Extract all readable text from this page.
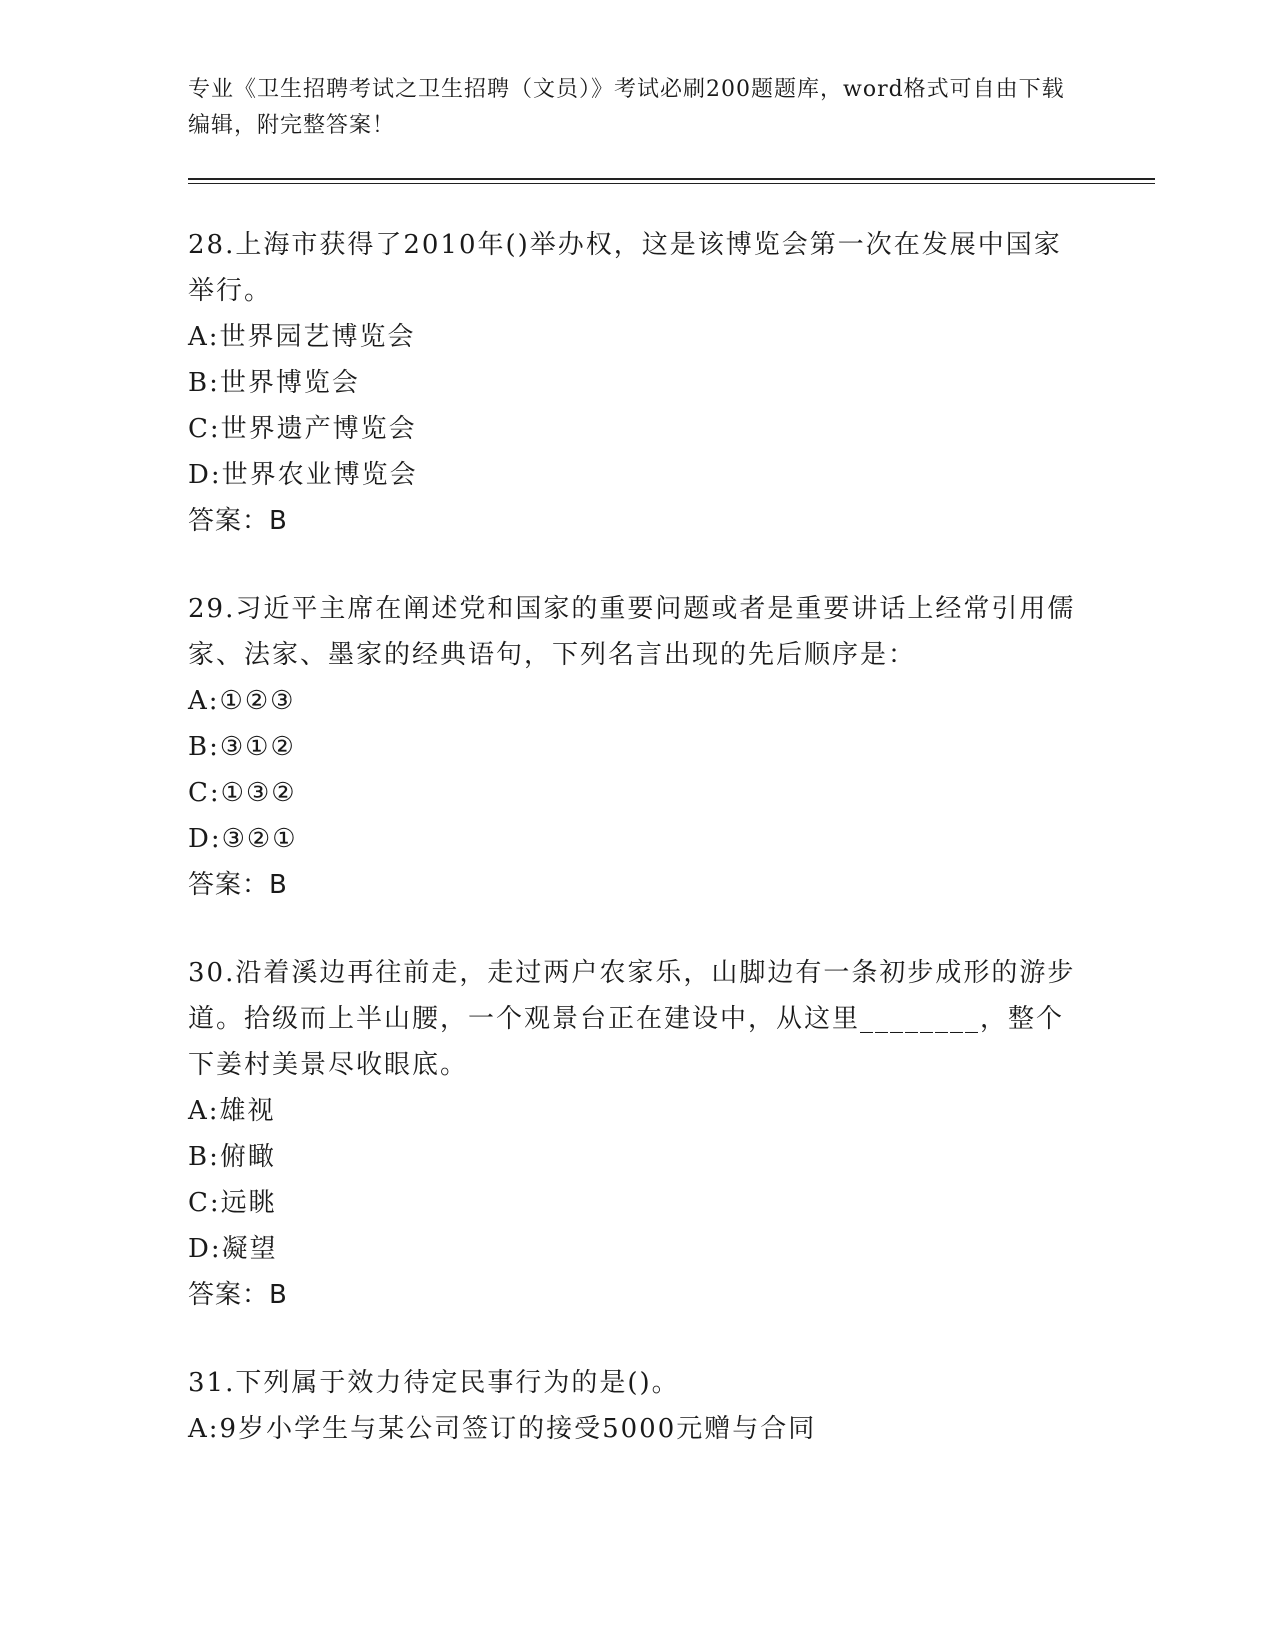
专业《卫生招聘考试之卫生招聘（文员）》考试必刷200题题库，word格式可自由下载编辑，附完整答案！
28.上海市获得了2010年()举办权，这是该博览会第一次在发展中国家举行。
A:世界园艺博览会
B:世界博览会
C:世界遗产博览会
D:世界农业博览会
答案：B
29.习近平主席在阐述党和国家的重要问题或者是重要讲话上经常引用儒家、法家、墨家的经典语句，下列名言出现的先后顺序是：
A:①②③
B:③①②
C:①③②
D:③②①
答案：B
30.沿着溪边再往前走，走过两户农家乐，山脚边有一条初步成形的游步道。拾级而上半山腰，一个观景台正在建设中，从这里________，整个下姜村美景尽收眼底。
A:雄视
B:俯瞰
C:远眺
D:凝望
答案：B
31.下列属于效力待定民事行为的是()。
A:9岁小学生与某公司签订的接受5000元赠与合同
